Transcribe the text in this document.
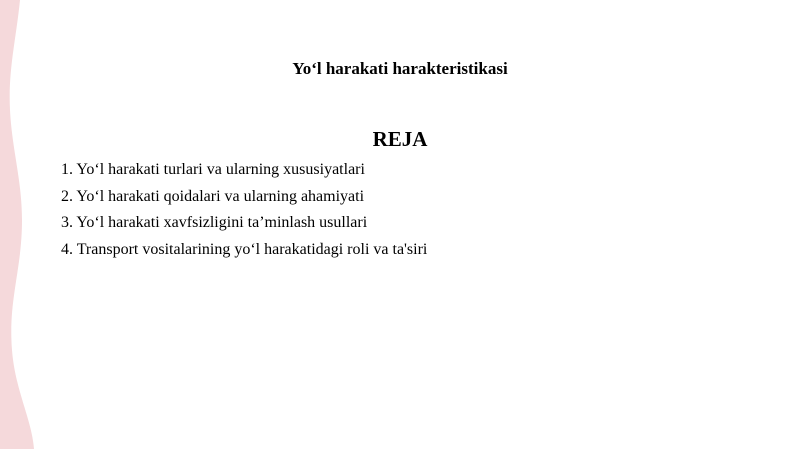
Yo‘l harakati harakteristikasi
REJA
1. Yo‘l harakati turlari va ularning xususiyatlari
2. Yo‘l harakati qoidalari va ularning ahamiyati
3. Yo‘l harakati xavfsizligini ta’minlash usullari
4. Transport vositalarining yo‘l harakatidagi roli va ta'siri
